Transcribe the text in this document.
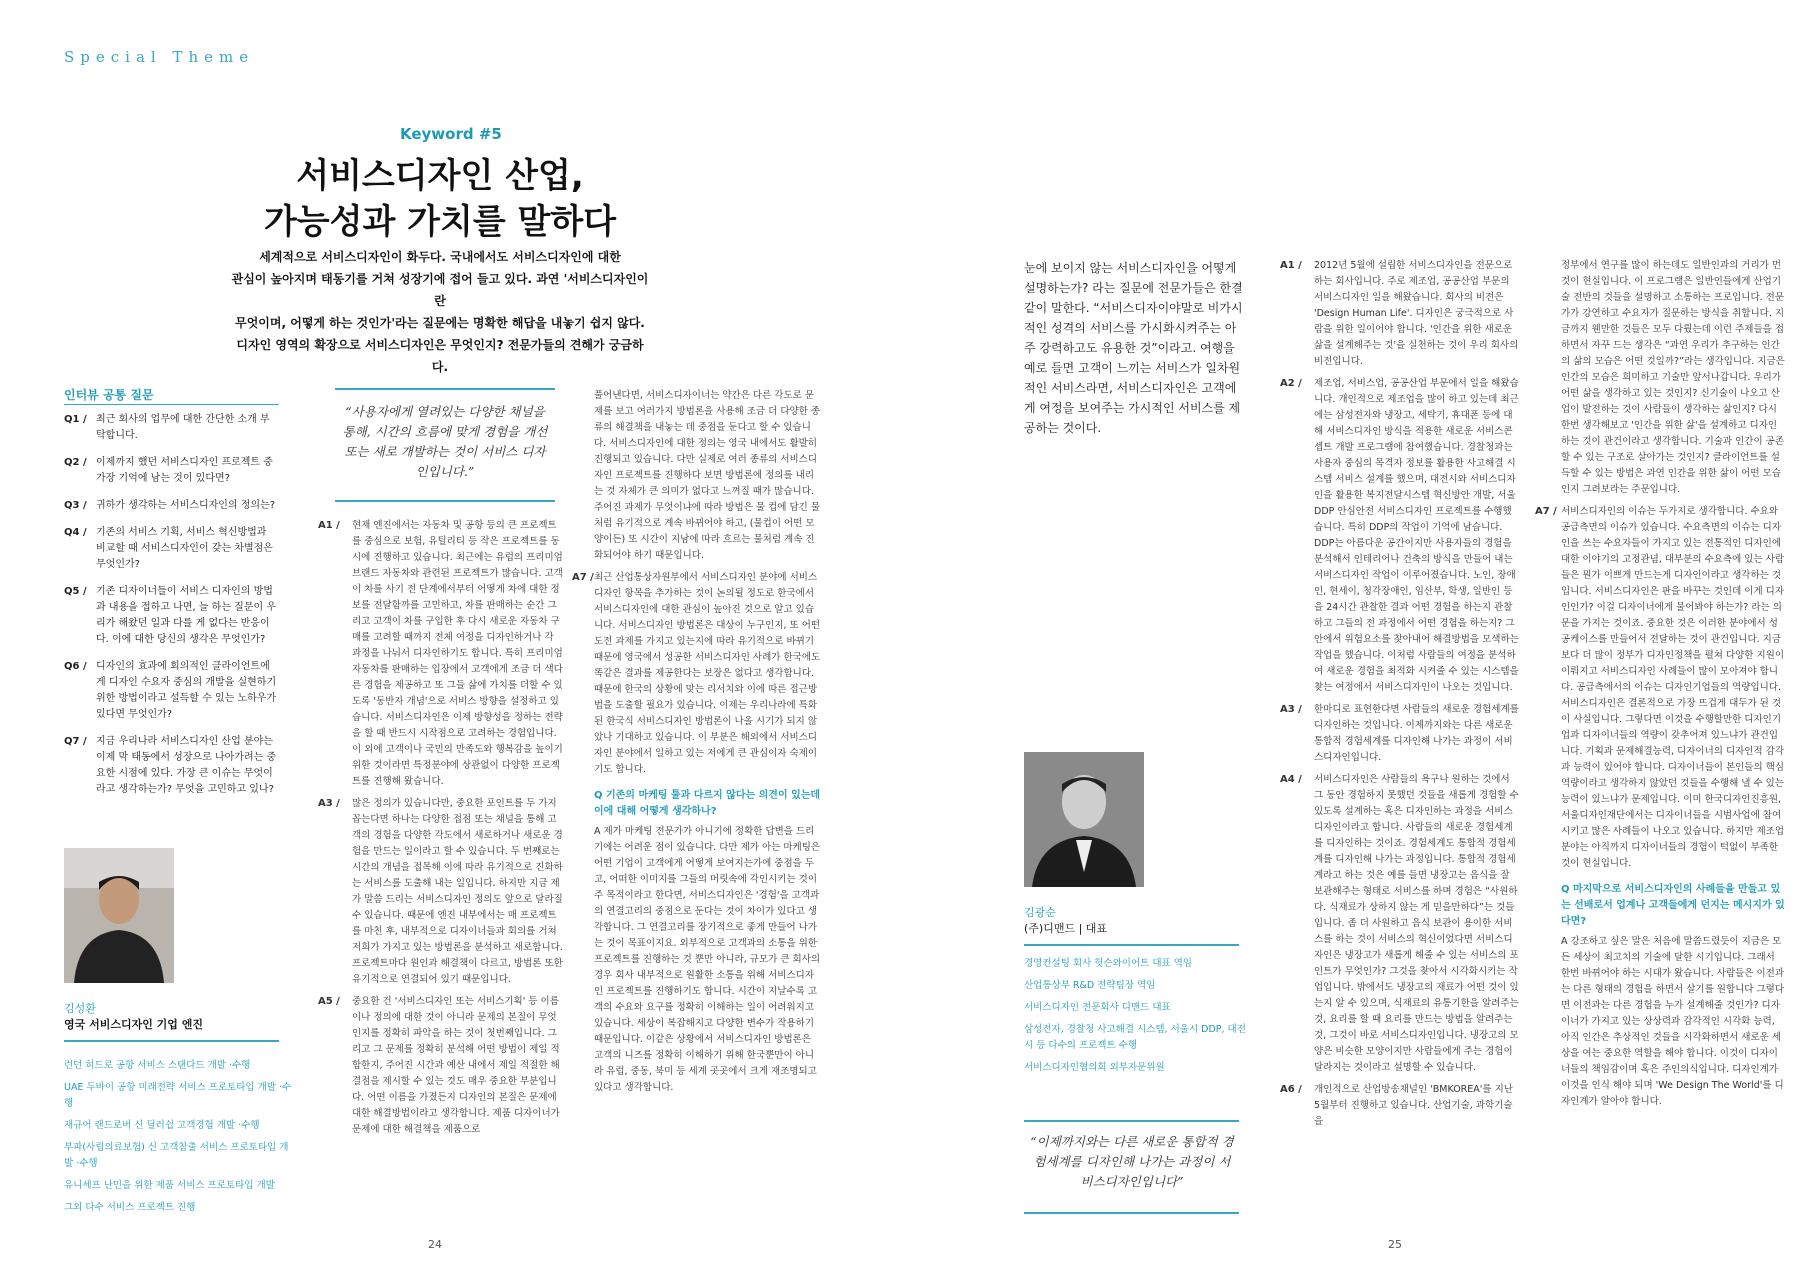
Special Theme
Keyword #5
서비스디자인 산업,
가능성과 가치를 말하다
세계적으로 서비스디자인이 화두다. 국내에서도 서비스디자인에 대한
관심이 높아지며 태동기를 거쳐 성장기에 접어 들고 있다. 과연 '서비스디자인이란
무엇이며, 어떻게 하는 것인가'라는 질문에는 명확한 해답을 내놓기 쉽지 않다.
디자인 영역의 확장으로 서비스디자인은 무엇인지? 전문가들의 견해가 궁금하다.
인터뷰 공통 질문
Q1 / 최근 회사의 업무에 대한 간단한 소개 부탁합니다.
Q2 / 이제까지 했던 서비스디자인 프로젝트 중 가장 기억에 남는 것이 있다면?
Q3 / 귀하가 생각하는 서비스디자인의 정의는?
Q4 / 기존의 서비스 기획, 서비스 혁신방법과 비교할 때 서비스디자인이 갖는 차별점은 무엇인가?
Q5 / 기존 디자이너들이 서비스 디자인의 방법과 내용을 접하고 나면, 늘 하는 질문이 우리가 해왔던 일과 다를 게 없다는 반응이다. 이에 대한 당신의 생각은 무엇인가?
Q6 / 디자인의 효과에 회의적인 클라이언트에게 디자인 수요자 중심의 개발을 실현하기 위한 방법이라고 설득할 수 있는 노하우가 있다면 무엇인가?
Q7 / 지금 우리나라 서비스디자인 산업 분야는 이제 막 태동에서 성장으로 나아가려는 중요한 시점에 있다. 가장 큰 이슈는 무엇이라고 생각하는가? 무엇을 고민하고 있나?
김성환
영국 서비스디자인 기업 엔진
런던 히드로 공항 서비스 스탠다드 개발 ·수행
UAE 두바이 공항 미래전략 서비스 프로토타입 개발 ·수행
재규어 랜드로버 신 딜러쉽 고객경험 개발 ·수행
부파(사립의료보험) 신 고객참출 서비스 프로토타입 개발 ·수행
유니세프 난민을 위한 제품 서비스 프로토타입 개발
그외 다수 서비스 프로젝트 진행
“사용자에게 열려있는 다양한 채널을 통해, 시간의 흐름에 맞게 경험을 개선 또는 새로 개발하는 것이 서비스 디자인입니다.”
A1 /	현재 엔진에서는 자동차 및 공항 등의 큰 프로젝트를 중심으로 보험, 유틸리티 등 작은 프로젝트를 동시에 진행하고 있습니다. 최근에는 유럽의 프리미엄 브랜드 자동차와 관련된 프로젝트가 많습니다. 고객이 차를 사기 전 단계에서부터 어떻게 차에 대한 정보를 전달함까를 고민하고, 차를 판매하는 순간 그리고 고객이 차를 구입한 후 다시 새로운 자동차 구매를 고려할 때까지 전체 여정을 디자인하거나 각 과정을 나눠서 디자인하기도 합니다. 특히 프리미엄 자동차를 판매하는 입장에서 고객에게 조금 더 색다른 경험을 제공하고 또 그들 삶에 가치를 더할 수 있도록 '동반자 개념'으로 서비스 방향을 설정하고 있습니다. 서비스디자인은 이제 방향성을 정하는 전략을 할 때 반드시 시작점으로 고려하는 경험입니다. 이 외에 고객이나 국민의 만족도와 행복감을 높이기 위한 것이라면 특정분야에 상관없이 다양한 프로젝트를 진행해 왔습니다.
A3 /	많은 정의가 있습니다만, 중요한 포인트를 두 가지 꼽는다면 하나는 다양한 접점 또는 채널을 통해 고객의 경험을 다양한 각도에서 새로하거나 새로운 경험을 만드는 일이라고 할 수 있습니다. 두 번째로는 시간의 개념을 접목해 이에 따라 유기적으로 진화하는 서비스를 도출해 내는 일입니다. 하지만 지금 제가 말씀 드리는 서비스디자인 정의도 앞으로 달라질 수 있습니다. 때문에 엔진 내부에서는 매 프로젝트를 마친 후, 내부적으로 디자이너들과 회의를 거쳐 저희가 가지고 있는 방법론을 분석하고 새로합니다. 프로젝트마다 원인과 해결책이 다르고, 방법론 또한 유기적으로 연결되어 있기 때문입니다.
A5 /	중요한 건 '서비스디자인 또는 서비스기획' 등 이름이나 정의에 대한 것이 아니라 문제의 본질이 무엇인지를 정확히 파악을 하는 것이 첫번째입니다. 그리고 그 문제를 정확히 분석해 어떤 방법이 제일 적합한지, 주어진 시간과 예산 내에서 제일 적절한 해결점을 제시할 수 있는 것도 매우 중요한 부분입니다. 어떤 이름을 가졌든지 디자인의 본질은 문제에 대한 해결방법이라고 생각합니다. 제품 디자이너가 문제에 대한 해결책을 제품으로
풀어낸다면, 서비스디자이너는 약간은 다른 각도로 문제를 보고 여러가지 방법론을 사용해 조금 더 다양한 종류의 해결책을 내놓는 데 중점을 둔다고 할 수 있습니다. 서비스디자인에 대한 정의는 영국 내에서도 활발히 진행되고 있습니다. 다만 실제로 여러 종류의 서비스디자인 프로젝트를 진행하다 보면 방법론에 정의를 내리는 것 자체가 큰 의미가 없다고 느껴질 때가 많습니다. 주어진 과제가 무엇이냐에 따라 방법은 물 컵에 담긴 물처럼 유기적으로 계속 바뀌어야 하고, (물컵이 어떤 모양이든) 또 시간이 지남에 따라 흐르는 물처럼 계속 진화되어야 하기 때문입니다.
A7 / 최근 산업통상자원부에서 서비스디자인 분야에 서비스디자인 항목을 추가하는 것이 논의될 정도로 한국에서 서비스디자인에 대한 관심이 높아진 것으로 알고 있습니다. 서비스디자인 방법론은 대상이 누구인지, 또 어떤 도전 과제를 가지고 있는지에 따라 유기적으로 바뀌기 때문에 영국에서 성공한 서비스디자인 사례가 한국에도 똑같은 결과를 제공한다는 보장은 없다고 생각합니다. 때문에 한국의 상황에 맞는 리서치와 이에 따른 접근방법을 도출할 필요가 있습니다. 이제는 우리나라에 특화된 한국식 서비스디자인 방법론이 나올 시기가 되지 않았나 기대하고 있습니다. 이 부분은 해외에서 서비스디자인 분야에서 일하고 있는 저에게 큰 관심이자 숙제이기도 합니다.
Q 기존의 마케팅 툴과 다르지 않다는 의견이 있는데 이에 대해 어떻게 생각하나?
A 제가 마케팅 전문가가 아니기에 정확한 답변을 드리기에는 어려운 점이 있습니다. 다만 제가 아는 마케팅은 어떤 기업이 고객에게 어떻게 보여지는가에 중점을 두고, 어떠한 이미지를 그들의 머릿속에 각인시키는 것이 주 목적이라고 한다면, 서비스디자인은 '경험'을 고객과의 연결고리의 중점으로 둔다는 것이 차이가 있다고 생각합니다. 그 연결고리를 장기적으로 좋게 만들어 나가는 것이 목표이지요. 외부적으로 고객과의 소통을 위한 프로젝트를 진행하는 것 뿐만 아니라, 규모가 큰 회사의 경우 회사 내부적으로 원활한 소통을 위해 서비스디자인 프로젝트를 진행하기도 합니다. 시간이 지날수록 고객의 수요와 요구를 정확히 이해하는 일이 어려워지고 있습니다. 세상이 복잡해지고 다양한 변수가 작용하기 때문입니다. 이같은 상황에서 서비스디자인 방법론은 고객의 니즈를 정확히 이해하기 위해 한국뿐만이 아니라 유럽, 중동, 북미 등 세계 곳곳에서 크게 재조명되고 있다고 생각합니다.
24
눈에 보이지 않는 서비스디자인을 어떻게 설명하는가? 라는 질문에 전문가들은 한결같이 말한다. “서비스디자이야말로 비가시적인 성격의 서비스를 가시화시켜주는 아주 강력하고도 유용한 것”이라고. 여행을 예로 들면 고객이 느끼는 서비스가 일차원적인 서비스라면, 서비스디자인은 고객에게 여정을 보여주는 가시적인 서비스를 제공하는 것이다.
김광순
(주)디맨드 | 대표
경영컨설팅 회사 헛슨와이어트 대표 역임
산업통상부 R&D 전략팀장 역임
서비스디자인 전문회사 디맨드 대표
삼성전자, 경찰청 사고해결 시스템, 서울시 DDP, 대전시 등 다수의 프로젝트 수행
서비스디자인협의회 외부자문위원
“이제까지와는 다른 새로운 통합적 경험세계를 디자인해 나가는 과정이 서비스디자인입니다”
A1 /	2012년 5월에 설립한 서비스디자인을 전문으로 하는 회사입니다. 주로 제조업, 공공산업 부문의 서비스디자인 일을 해왔습니다. 회사의 비전은 'Design Human Life'. 디자인은 궁극적으로 사람을 위한 일이어야 합니다. '인간을 위한 새로운 삶을 설계해주는 것'을 실천하는 것이 우리 회사의 비전입니다.
A2 /	제조업, 서비스업, 공공산업 부문에서 일을 해왔습니다. 개인적으로 제조업을 많이 하고 있는데 최근에는 삼성전자와 냉장고, 세탁기, 휴대폰 등에 대해 서비스디자인 방식을 적용한 새로운 서비스콘셉트 개발 프로그램에 참여했습니다. 경찰청과는 사용자 중심의 목격자 정보를 활용한 사고해결 시스템 서비스 설계를 했으며, 대전시와 서비스디자인을 활용한 복지전달시스템 혁신방안 개발, 서울 DDP 안심안전 서비스디자인 프로젝트를 수행했습니다. 특히 DDP의 작업이 기억에 남습니다. DDP는 아름다운 공간이지만 사용자들의 경험을 분석해서 인테리어나 건축의 방식을 만들어 내는 서비스디자인 작업이 이루어졌습니다. 노인, 장애인, 현세이, 청각장애인, 임산부, 학생, 일반인 등을 24시간 관찰한 결과 어떤 경험을 하는지 관찰하고 그들의 전 과정에서 어떤 경험을 하는지? 그 안에서 위험요소를 찾아내어 해결방법을 모색하는 작업을 했습니다. 이처럼 사람들의 여정을 분석하여 새로운 경험을 최적화 시켜줄 수 있는 시스템을 찾는 여정에서 서비스디자인이 나오는 것입니다.
A3 /	한마디로 표현한다면 사람들의 새로운 경험세계를 디자인하는 것입니다. 이제까지와는 다른 새로운 통합적 경험세계를 디자인해 나가는 과정이 서비스디자인입니다.
A4 /	서비스디자인은 사람들의 욕구나 원하는 것에서 그 동안 경험하지 못했던 것들을 새롭게 경험할 수 있도록 설계하는 혹은 디자인하는 과정을 서비스디자인이라고 합니다. 사람들의 새로운 경험세계를 디자인하는 것이죠. 경험세계도 통합적 경험세계를 디자인해 나가는 과정입니다. 통합적 경험세계라고 하는 것은 예를 들면 냉장고는 음식을 잘 보관해주는 형태로 서비스를 하며 경험은 “사원하다. 식재료가 상하지 않는 게 믿을만하다”는 것들입니다. 좀 더 사원하고 음식 보관이 용이한 서비스를 하는 것이 서비스의 혁신이었다면 서비스디자인은 냉장고가 새롭게 해줄 수 있는 서비스의 포인트가 무엇인가? 그것을 찾아서 시각화시키는 작업입니다. 밖에서도 냉장고의 재료가 어떤 것이 있는지 알 수 있으며, 식재료의 유통기한을 알려주는 것, 요리를 할 때 요리를 만드는 방법을 알려주는 것, 그것이 바로 서비스디자인입니다. 냉장고의 모양은 비슷한 모양이지만 사람들에게 주는 경험이 달라지는 것이라고 설명할 수 있습니다.
A6 /	개인적으로 산업방송채널인 'BMKOREA'를 지난 5월부터 진행하고 있습니다. 산업기술, 과학기술을
정부에서 연구를 많이 하는데도 일반인과의 거리가 먼것이 현실입니다. 이 프로그램은 일반인들에게 산업기술 전반의 것들을 설명하고 소통하는 프로입니다. 전문가가 강연하고 수요자가 질문하는 방식을 취합니다. 지금까지 웬만한 것들은 모두 다뤘는데 이런 주제들을 접하면서 자꾸 드는 생각은 “과연 우리가 추구하는 인간의 삶의 모습은 어떤 것일까?”라는 생각입니다. 지금은 인간의 모습은 희미하고 기술만 앞서나갑니다. 우리가 어떤 삶을 생각하고 있는 것인지? 신기술이 나오고 산업이 발전하는 것이 사람들이 생각하는 삶인지? 다시 한번 생각해보고 '인간을 위한 삶'을 설계하고 디자인하는 것이 관건이라고 생각합니다. 기술과 인간이 공존할 수 있는 구조로 살아가는 것인지? 클라이언트를 설득할 수 있는 방법은 과연 인간을 위한 삶이 어떤 모습인지 그려보라는 주문입니다.
A7 / 서비스디자인의 이슈는 두가지로 생각합니다. 수요와 공급측면의 이슈가 있습니다. 수요측면의 이슈는 디자인을 쓰는 수요자들이 가지고 있는 전통적인 디자인에 대한 이야기의 고정관념, 대부분의 수요측에 있는 사람들은 뭔가 이쁘게 만드는게 디자인이라고 생각하는 것입니다. 서비스디자인은 판을 바꾸는 것인데 이게 디자인인가? 이걸 디자이너에게 물어봐야 하는가? 라는 의문을 가지는 것이죠. 중요한 것은 이러한 분야에서 성공케이스를 만들어서 전달하는 것이 관건입니다. 지금보다 더 많이 정부가 디자인정책을 펼쳐 다양한 지원이 이뤄지고 서비스디자인 사례들이 많이 모아져야 합니다. 공급측에서의 이슈는 디자인기업들의 역량입니다. 서비스디자인은 결론적으로 가장 뜨겁게 대두가 된 것이 사실입니다. 그렇다면 이것을 수행할만한 디자인기업과 디자이너들의 역량이 갖추어져 있느냐가 관건입니다. 기획과 문제해결능력, 디자이너의 디자인적 감각과 능력이 있어야 합니다. 디자이너들이 본인들의 핵심역량이라고 생각하지 않았던 것들을 수행해 낼 수 있는 능력이 있느냐가 문제입니다. 이미 한국디자인진흥원, 서울디자인재단에서는 디자이너들을 시범사업에 참여시키고 많은 사례들이 나오고 있습니다. 하지만 제조업분야는 아직까지 디자이너들의 경험이 턱없이 부족한 것이 현실입니다.
Q 마지막으로 서비스디자인의 사례들을 만들고 있는 선배로서 업계나 고객들에게 던지는 메시지가 있다면?
A 강조하고 싶은 말은 처음에 말씀드렸듯이 지금은 모든 세상이 최고치의 기술에 달한 시기입니다. 그래서 한번 바뀌어야 하는 시대가 왔습니다. 사람들은 이전과는 다른 형태의 경험을 하면서 살기를 원합니다 그렇다면 이전과는 다른 경험을 누가 설계해줄 것인가? 디자이너가 가지고 있는 상상력과 감각적인 시각화 능력, 아직 인간은 추상적인 것들을 시각화하면서 새로운 세상을 여는 중요한 역할을 해야 합니다. 이것이 디자이너들의 책임감이며 혹은 주인의식입니다. 디자인계가 이것을 인식 해야 되며 'We Design The World'를 디자인계가 알아야 합니다.
25
